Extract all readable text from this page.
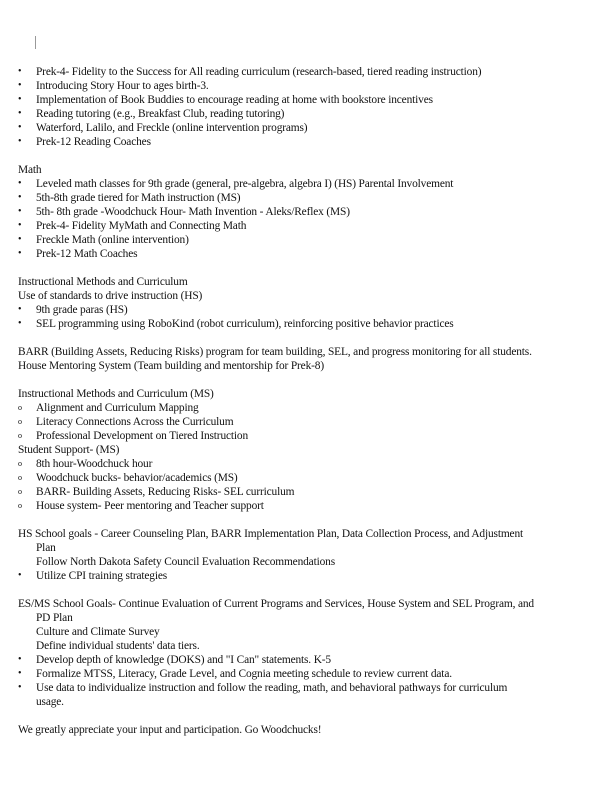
•	Prek-4- Fidelity to the Success for All reading curriculum (research-based, tiered reading instruction)
•	Introducing Story Hour to ages birth-3.
•	Implementation of Book Buddies to encourage reading at home with bookstore incentives
•	Reading tutoring (e.g., Breakfast Club, reading tutoring)
•	Waterford, Lalilo, and Freckle (online intervention programs)
•	Prek-12 Reading Coaches
Math
•	Leveled math classes for 9th grade (general, pre-algebra, algebra I) (HS) Parental Involvement
•	5th-8th grade tiered for Math instruction (MS)
•	5th- 8th grade -Woodchuck Hour- Math Invention - Aleks/Reflex (MS)
•	Prek-4- Fidelity MyMath and Connecting Math
•	Freckle Math (online intervention)
•	Prek-12 Math Coaches
Instructional Methods and Curriculum
Use of standards to drive instruction (HS)
•	9th grade paras (HS)
•	SEL programming using RoboKind (robot curriculum), reinforcing positive behavior practices
BARR (Building Assets, Reducing Risks) program for team building, SEL, and progress monitoring for all students.
House Mentoring System (Team building and mentorship for Prek-8)
Instructional Methods and Curriculum (MS)
o	Alignment and Curriculum Mapping
o	Literacy Connections Across the Curriculum
o	Professional Development on Tiered Instruction
Student Support- (MS)
o	8th hour-Woodchuck hour
o	Woodchuck bucks- behavior/academics (MS)
o	BARR- Building Assets, Reducing Risks- SEL curriculum
o	House system- Peer mentoring and Teacher support
HS School goals - Career Counseling Plan, BARR Implementation Plan, Data Collection Process, and Adjustment
Plan
Follow North Dakota Safety Council Evaluation Recommendations
•	Utilize CPI training strategies
ES/MS School Goals- Continue Evaluation of Current Programs and Services, House System and SEL Program, and
PD Plan
Culture and Climate Survey
Define individual students' data tiers.
•	Develop depth of knowledge (DOKS) and "I Can" statements. K-5
•	Formalize MTSS, Literacy, Grade Level, and Cognia meeting schedule to review current data.
•	Use data to individualize instruction and follow the reading, math, and behavioral pathways for curriculum
usage.
We greatly appreciate your input and participation. Go Woodchucks!
